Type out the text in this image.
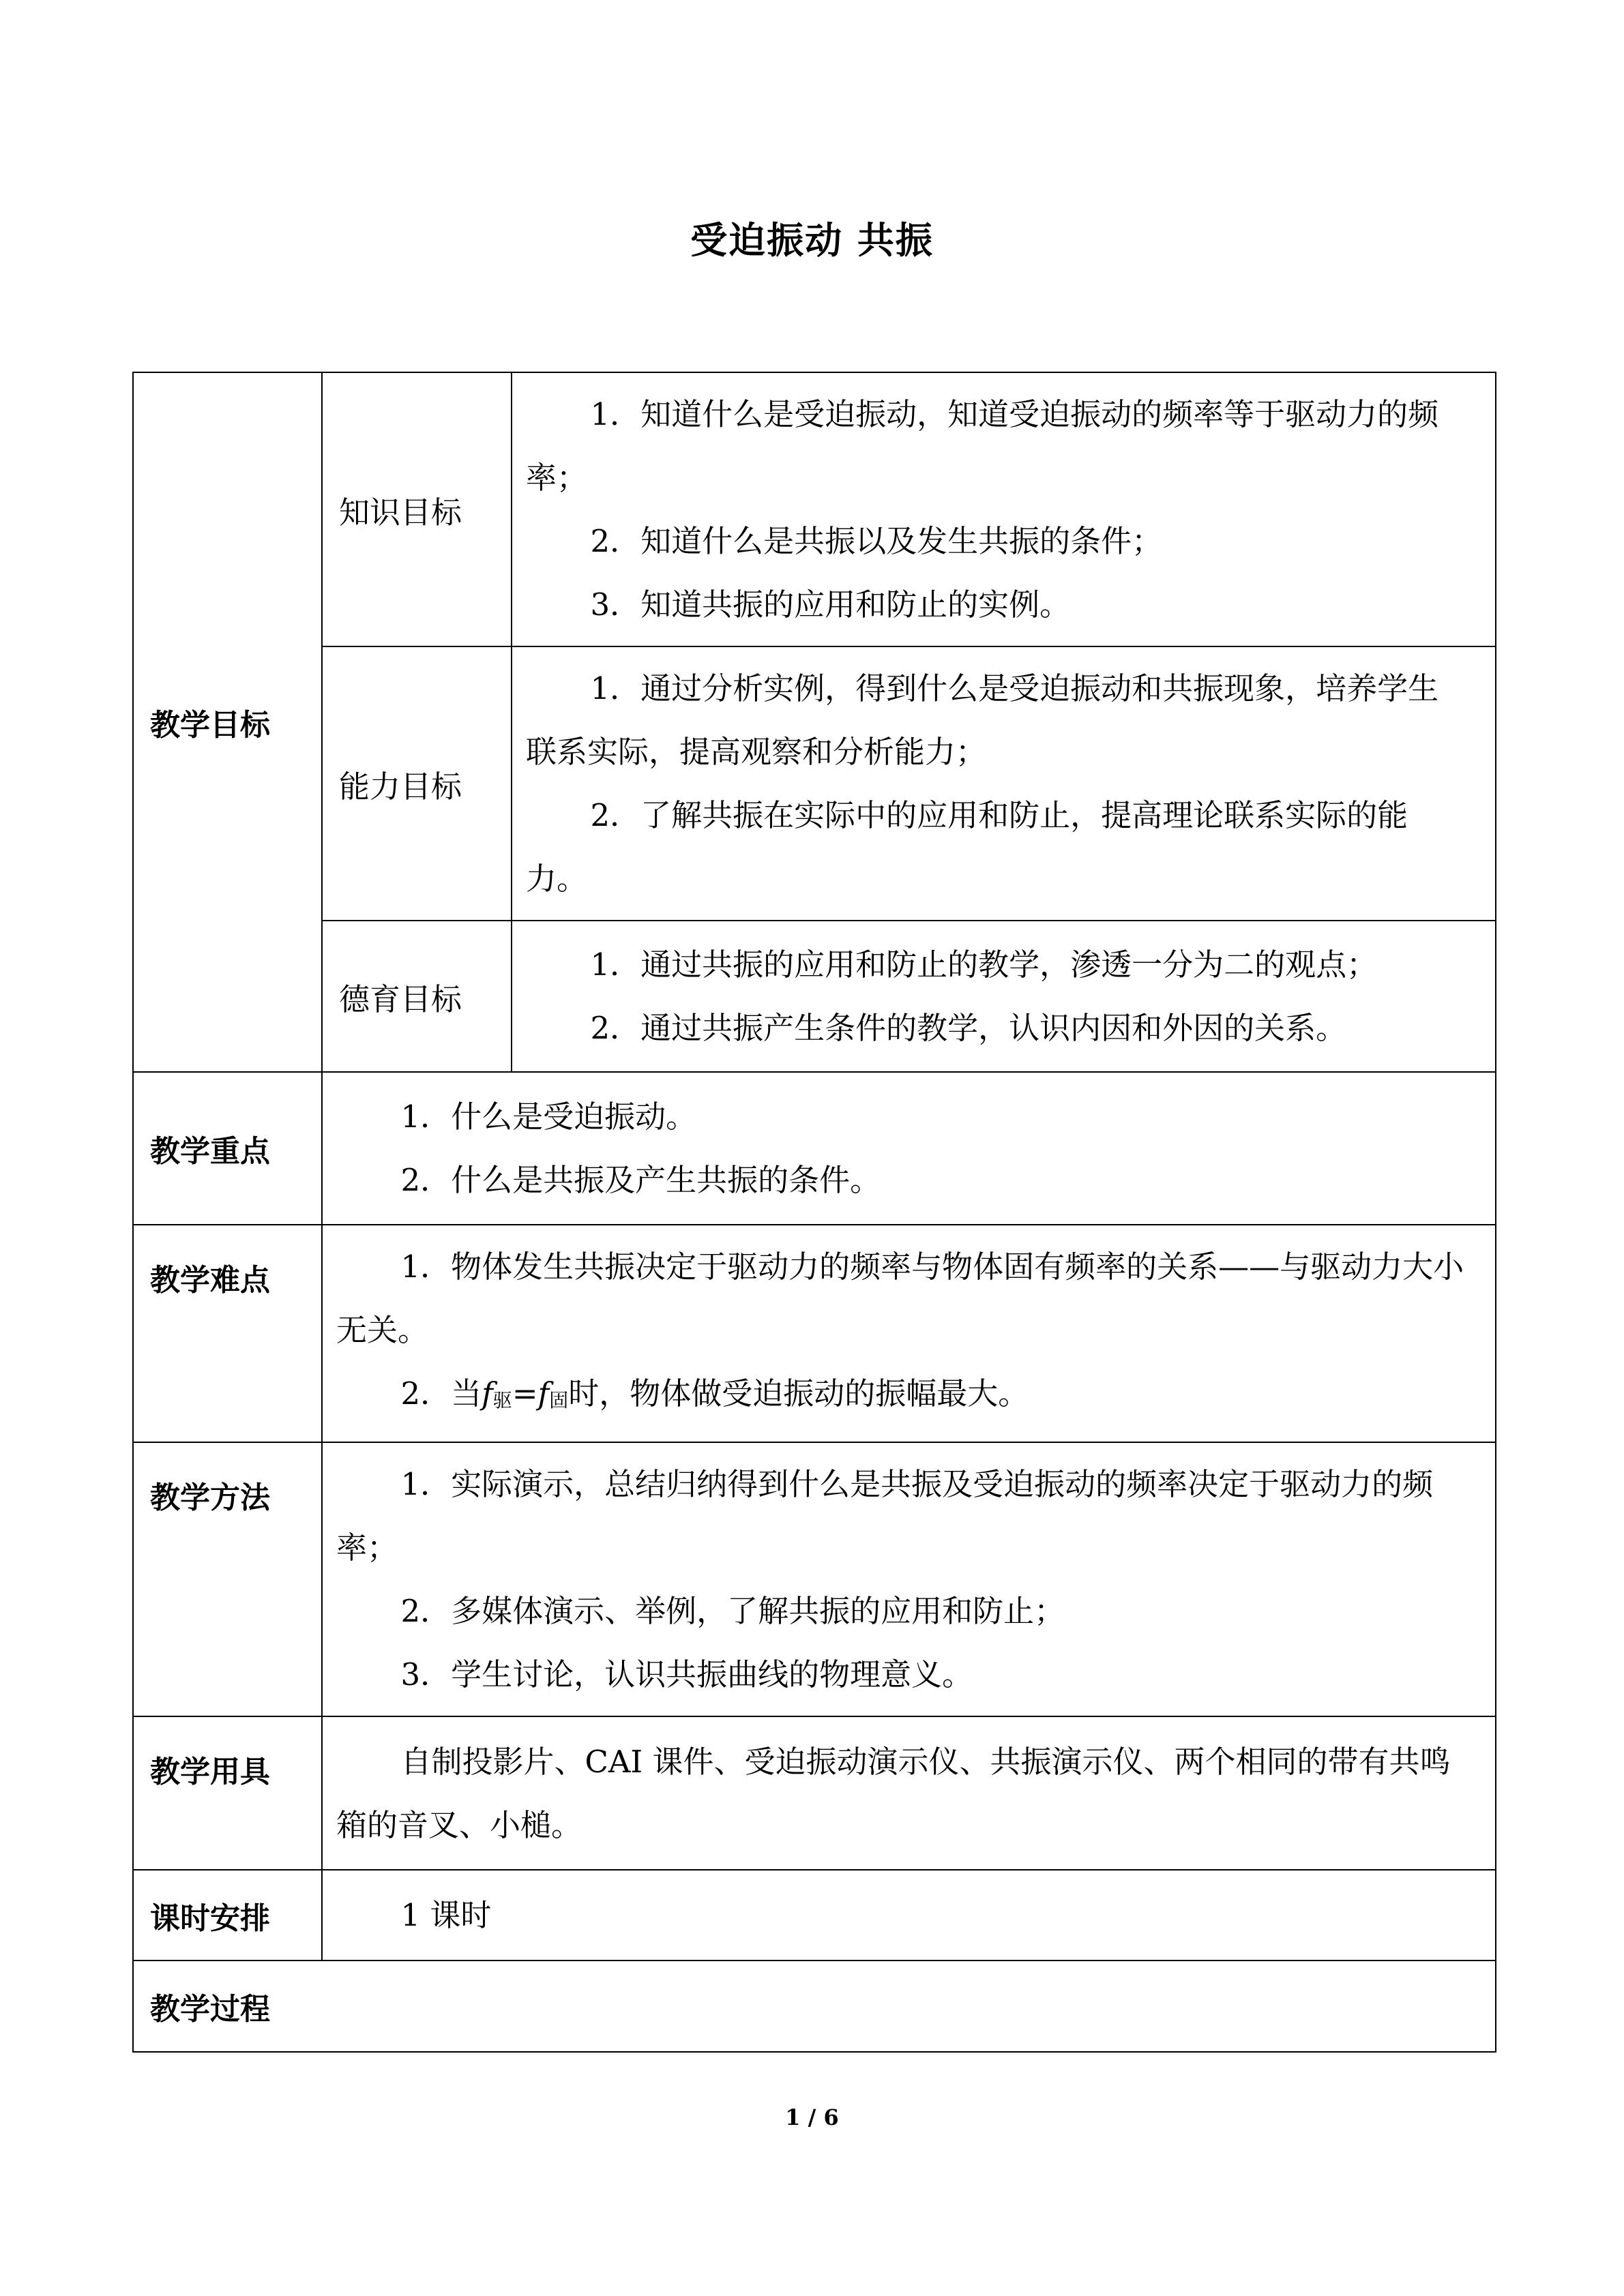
受迫振动 共振
教学目标	知识目标	1．知道什么是受迫振动，知道受迫振动的频率等于驱动力的频率；

2．知道什么是共振以及发生共振的条件；

3．知道共振的应用和防止的实例。

	能力目标	1．通过分析实例，得到什么是受迫振动和共振现象，培养学生联系实际，提高观察和分析能力；

2．了解共振在实际中的应用和防止，提高理论联系实际的能力。

	德育目标	1．通过共振的应用和防止的教学，渗透一分为二的观点；

2．通过共振产生条件的教学，认识内因和外因的关系。

教学重点	1．什么是受迫振动。

2．什么是共振及产生共振的条件。	

教学难点	1．物体发生共振决定于驱动力的频率与物体固有频率的关系——与驱动力大小无关。

2．当$f_驱=f_固$时，物体做受迫振动的振幅最大。	

教学方法	1．实际演示，总结归纳得到什么是共振及受迫振动的频率决定于驱动力的频率；

2．多媒体演示、举例，了解共振的应用和防止；

3．学生讨论，认识共振曲线的物理意义。	

教学用具	自制投影片、CAI 课件、受迫振动演示仪、共振演示仪、两个相同的带有共鸣箱的音叉、小槌。	

课时安排	1 课时	

教学过程		
1 / 6
